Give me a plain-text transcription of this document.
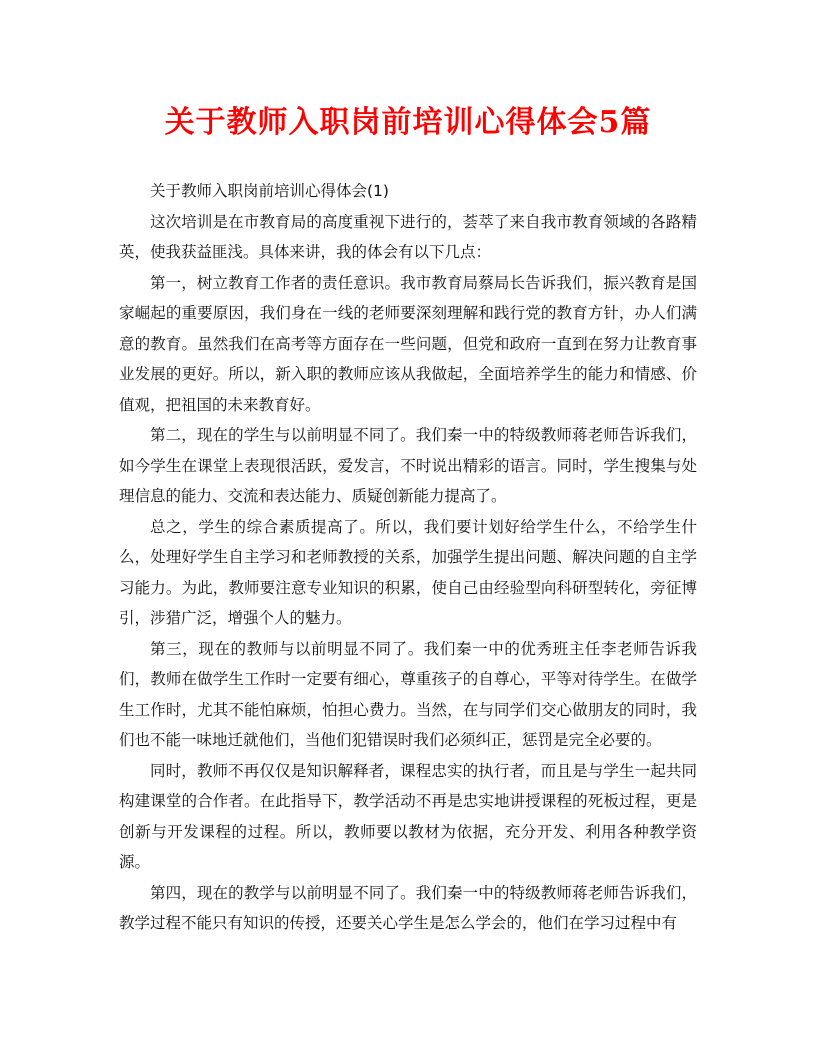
关于教师入职岗前培训心得体会5篇

关于教师入职岗前培训心得体会(1)

这次培训是在市教育局的高度重视下进行的，荟萃了来自我市教育领域的各路精英，使我获益匪浅。具体来讲，我的体会有以下几点：

第一，树立教育工作者的责任意识。我市教育局蔡局长告诉我们，振兴教育是国家崛起的重要原因，我们身在一线的老师要深刻理解和践行党的教育方针，办人们满意的教育。虽然我们在高考等方面存在一些问题，但党和政府一直到在努力让教育事业发展的更好。所以，新入职的教师应该从我做起，全面培养学生的能力和情感、价值观，把祖国的未来教育好。

第二，现在的学生与以前明显不同了。我们秦一中的特级教师蒋老师告诉我们，如今学生在课堂上表现很活跃，爱发言，不时说出精彩的语言。同时，学生搜集与处理信息的能力、交流和表达能力、质疑创新能力提高了。

总之，学生的综合素质提高了。所以，我们要计划好给学生什么，不给学生什么，处理好学生自主学习和老师教授的关系，加强学生提出问题、解决问题的自主学习能力。为此，教师要注意专业知识的积累，使自己由经验型向科研型转化，旁征博引，涉猎广泛，增强个人的魅力。

第三，现在的教师与以前明显不同了。我们秦一中的优秀班主任李老师告诉我们，教师在做学生工作时一定要有细心，尊重孩子的自尊心，平等对待学生。在做学生工作时，尤其不能怕麻烦，怕担心费力。当然，在与同学们交心做朋友的同时，我们也不能一味地迁就他们，当他们犯错误时我们必须纠正，惩罚是完全必要的。

同时，教师不再仅仅是知识解释者，课程忠实的执行者，而且是与学生一起共同构建课堂的合作者。在此指导下，教学活动不再是忠实地讲授课程的死板过程，更是创新与开发课程的过程。所以，教师要以教材为依据，充分开发、利用各种教学资源。

第四，现在的教学与以前明显不同了。我们秦一中的特级教师蒋老师告诉我们，教学过程不能只有知识的传授，还要关心学生是怎么学会的，他们在学习过程中有
